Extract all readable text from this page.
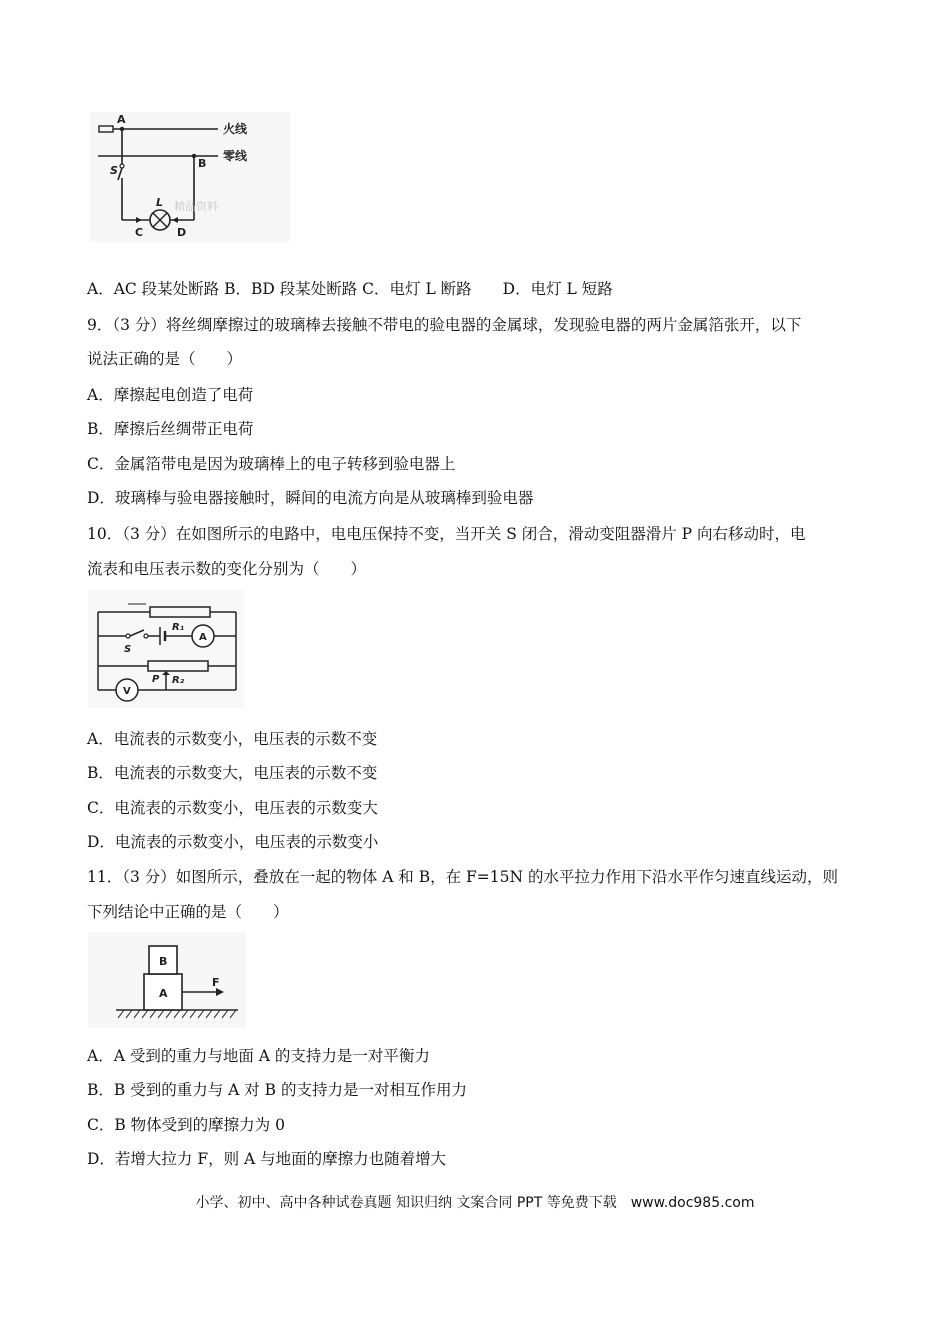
精品资料
A
B
S
L
C	D
火线
零线
A．AC 段某处断路 B．BD 段某处断路 C．电灯 L 断路　　D．电灯 L 短路
9．（3 分）将丝绸摩擦过的玻璃棒去接触不带电的验电器的金属球，发现验电器的两片金属箔张开，以下
说法正确的是（　　）
A．摩擦起电创造了电荷
B．摩擦后丝绸带正电荷
C．金属箔带电是因为玻璃棒上的电子转移到验电器上
D．玻璃棒与验电器接触时，瞬间的电流方向是从玻璃棒到验电器
10．（3 分）在如图所示的电路中，电电压保持不变，当开关 S 闭合，滑动变阻器滑片 P 向右移动时，电
流表和电压表示数的变化分别为（　　）
R₁
A
S
P R₂
V
A．电流表的示数变小，电压表的示数不变
B．电流表的示数变大，电压表的示数不变
C．电流表的示数变小，电压表的示数变大
D．电流表的示数变小，电压表的示数变小
11．（3 分）如图所示，叠放在一起的物体 A 和 B，在 F=15N 的水平拉力作用下沿水平作匀速直线运动，则
下列结论中正确的是（　　）
A
B
F
A．A 受到的重力与地面 A 的支持力是一对平衡力
B．B 受到的重力与 A 对 B 的支持力是一对相互作用力
C．B 物体受到的摩擦力为 0
D．若增大拉力 F，则 A 与地面的摩擦力也随着增大
小学、初中、高中各种试卷真题 知识归纳 文案合同 PPT 等免费下载　www.doc985.com
